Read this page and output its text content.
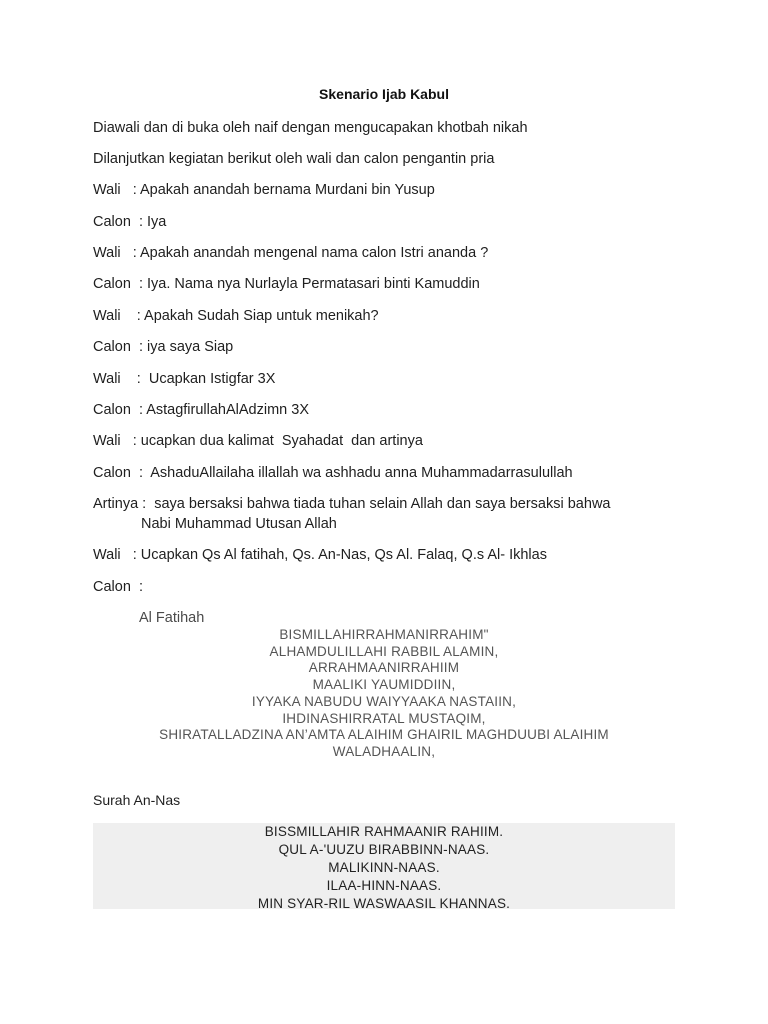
Skenario Ijab Kabul
Diawali dan di buka oleh naif dengan mengucapakan khotbah nikah
Dilanjutkan kegiatan berikut oleh wali dan calon pengantin pria
Wali   : Apakah anandah bernama Murdani bin Yusup
Calon  : Iya
Wali   : Apakah anandah mengenal nama calon Istri ananda ?
Calon  : Iya. Nama nya Nurlayla Permatasari binti Kamuddin
Wali    : Apakah Sudah Siap untuk menikah?
Calon  : iya saya Siap
Wali    :  Ucapkan Istigfar 3X
Calon  : AstagfirullahAlAdzimn 3X
Wali   : ucapkan dua kalimat  Syahadat  dan artinya
Calon  :  AshaduAllailaha illallah wa ashhadu anna Muhammadarrasulullah
Artinya :  saya bersaksi bahwa tiada tuhan selain Allah dan saya bersaksi bahwa
Nabi Muhammad Utusan Allah
Wali   : Ucapkan Qs Al fatihah, Qs. An-Nas, Qs Al. Falaq, Q.s Al- Ikhlas
Calon  :
Al Fatihah
BISMILLAHIRRAHMANIRRAHIM"
ALHAMDULILLAHI RABBIL ALAMIN,
ARRAHMAANIRRAHIIM
MAALIKI YAUMIDDIIN,
IYYAKA NABUDU WAIYYAAKA NASTAIIN,
IHDINASHIRRATAL MUSTAQIM,
SHIRATALLADZINA AN’AMTA ALAIHIM GHAIRIL MAGHDUUBI ALAIHIM
WALADHAALIN,
Surah An-Nas
BISSMILLAHIR RAHMAANIR RAHIIM.
QUL A-'UUZU BIRABBINN-NAAS.
MALIKINN-NAAS.
ILAA-HINN-NAAS.
MIN SYAR-RIL WASWAASIL KHANNAS.
